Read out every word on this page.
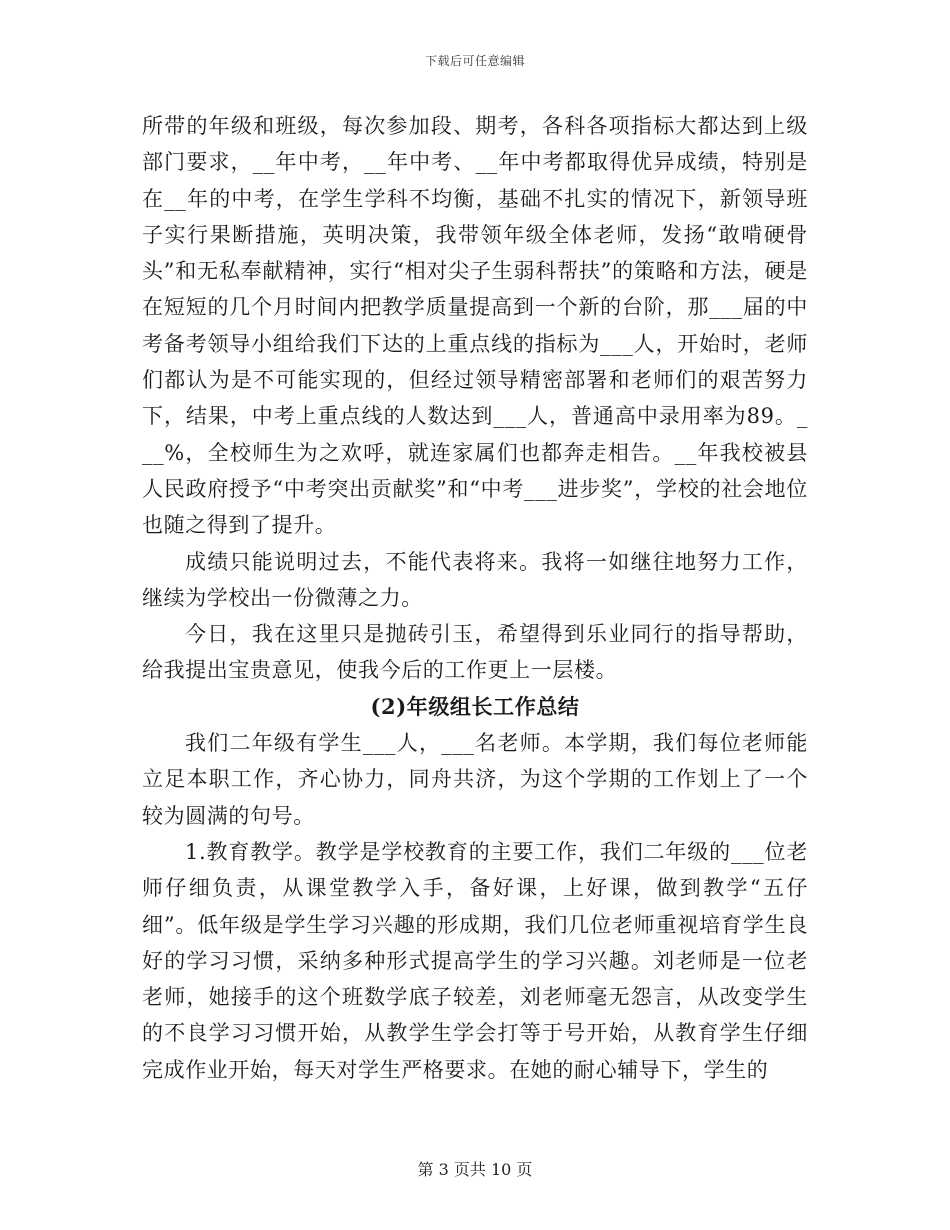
下载后可任意编辑

所带的年级和班级，每次参加段、期考，各科各项指标大都达到上级部门要求，__年中考，__年中考、__年中考都取得优异成绩，特别是在__年的中考，在学生学科不均衡，基础不扎实的情况下，新领导班子实行果断措施，英明决策，我带领年级全体老师，发扬“敢啃硬骨头”和无私奉献精神，实行“相对尖子生弱科帮扶”的策略和方法，硬是在短短的几个月时间内把教学质量提高到一个新的台阶，那___届的中考备考领导小组给我们下达的上重点线的指标为___人，开始时，老师们都认为是不可能实现的，但经过领导精密部署和老师们的艰苦努力下，结果，中考上重点线的人数达到___人，普通高中录用率为89。___%，全校师生为之欢呼，就连家属们也都奔走相告。__年我校被县人民政府授予“中考突出贡献奖”和“中考___进步奖”，学校的社会地位也随之得到了提升。

成绩只能说明过去，不能代表将来。我将一如继往地努力工作，继续为学校出一份微薄之力。

今日，我在这里只是抛砖引玉，希望得到乐业同行的指导帮助，给我提出宝贵意见，使我今后的工作更上一层楼。

(2)年级组长工作总结

我们二年级有学生___人，___名老师。本学期，我们每位老师能立足本职工作，齐心协力，同舟共济，为这个学期的工作划上了一个较为圆满的句号。

1.教育教学。教学是学校教育的主要工作，我们二年级的___位老师仔细负责，从课堂教学入手，备好课，上好课，做到教学“五仔细”。低年级是学生学习兴趣的形成期，我们几位老师重视培育学生良好的学习习惯，采纳多种形式提高学生的学习兴趣。刘老师是一位老老师，她接手的这个班数学底子较差，刘老师毫无怨言，从改变学生的不良学习习惯开始，从教学生学会打等于号开始，从教育学生仔细完成作业开始，每天对学生严格要求。在她的耐心辅导下，学生的

第 3 页共 10 页
